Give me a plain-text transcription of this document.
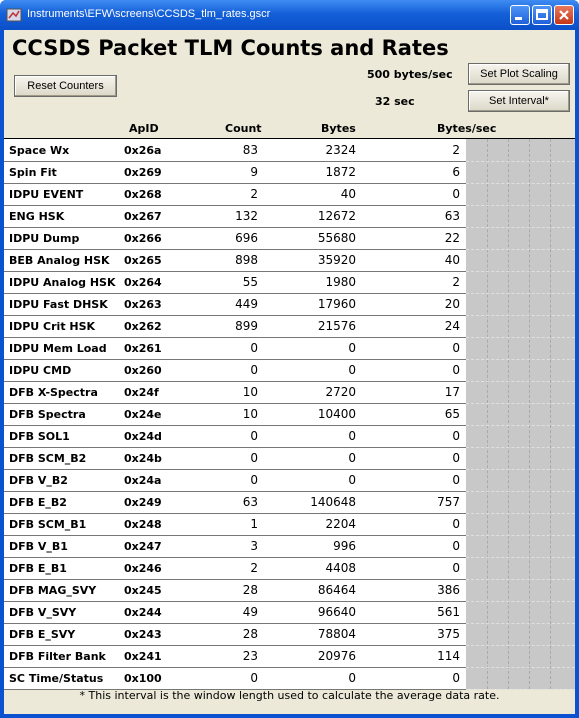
Instruments\EFW\screens\CCSDS_tlm_rates.gscr
CCSDS Packet TLM Counts and Rates
Reset Counters
500 bytes/sec	Set Plot Scaling
32 sec	Set Interval*
ApID	Count	Bytes	Bytes/sec
Space Wx	0x26a	83	2324	2
Spin Fit	0x269	9	1872	6
IDPU EVENT	0x268	2	40	0
ENG HSK	0x267	132	12672	63
IDPU Dump	0x266	696	55680	22
BEB Analog HSK 0x265	898	35920	40
IDPU Analog HSK 0x264	55	1980	2
IDPU Fast DHSK 0x263	449	17960	20
IDPU Crit HSK	0x262	899	21576	24
IDPU Mem Load 0x261	0	0	0
IDPU CMD	0x260	0	0	0
DFB X-Spectra 0x24f	10	2720	17
DFB Spectra	0x24e	10	10400	65
DFB SOL1	0x24d	0	0	0
DFB SCM_B2	0x24b	0	0	0
DFB V_B2	0x24a	0	0	0
DFB E_B2	0x249	63	140648	757
DFB SCM_B1	0x248	1	2204	0
DFB V_B1	0x247	3	996	0
DFB E_B1	0x246	2	4408	0
DFB MAG_SVY	0x245	28	86464	386
DFB V_SVY	0x244	49	96640	561
DFB E_SVY	0x243	28	78804	375
DFB Filter Bank 0x241	23	20976	114
SC Time/Status 0x100	0	0	0
* This interval is the window length used to calculate the average data rate.
